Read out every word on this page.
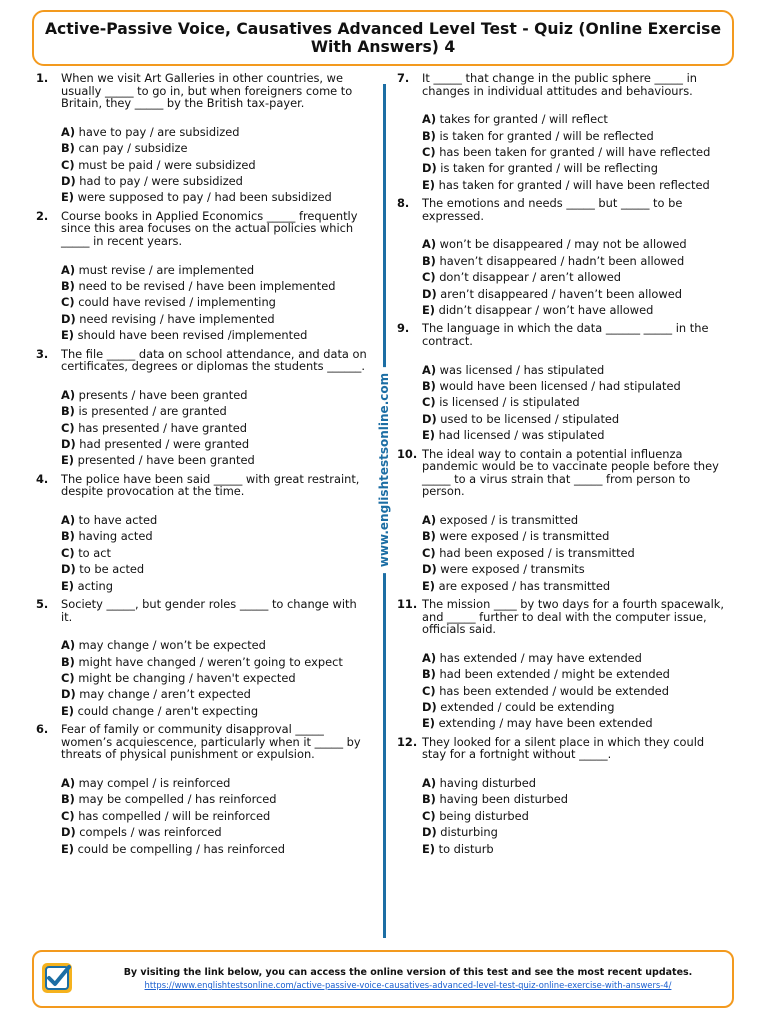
Active-Passive Voice, Causatives Advanced Level Test - Quiz (Online Exercise
With Answers) 4
1.	When we visit Art Galleries in other countries, we
usually _____ to go in, but when foreigners come to
Britain, they _____ by the British tax-payer.
A) have to pay / are subsidized
B) can pay / subsidize
C) must be paid / were subsidized
D) had to pay / were subsidized
E) were supposed to pay / had been subsidized
2.	Course books in Applied Economics _____ frequently
since this area focuses on the actual policies which
_____ in recent years.
A) must revise / are implemented
B) need to be revised / have been implemented
C) could have revised / implementing
D) need revising / have implemented
E) should have been revised /implemented
3.	The file _____ data on school attendance, and data on
certificates, degrees or diplomas the students ______.
A) presents / have been granted
B) is presented / are granted
C) has presented / have granted
D) had presented / were granted
E) presented / have been granted
4.	The police have been said _____ with great restraint,
despite provocation at the time.
A) to have acted
B) having acted
C) to act
D) to be acted
E) acting
5.	Society _____, but gender roles _____ to change with
it.
A) may change / won’t be expected
B) might have changed / weren’t going to expect
C) might be changing / haven't expected
D) may change / aren’t expected
E) could change / aren't expecting
6.	Fear of family or community disapproval _____
women’s acquiescence, particularly when it _____ by
threats of physical punishment or expulsion.
A) may compel / is reinforced
B) may be compelled / has reinforced
C) has compelled / will be reinforced
D) compels / was reinforced
E) could be compelling / has reinforced
7.	It _____ that change in the public sphere _____ in
changes in individual attitudes and behaviours.
A) takes for granted / will reflect
B) is taken for granted / will be reflected
C) has been taken for granted / will have reflected
D) is taken for granted / will be reflecting
E) has taken for granted / will have been reflected
8.	The emotions and needs _____ but _____ to be
expressed.
A) won’t be disappeared / may not be allowed
B) haven’t disappeared / hadn’t been allowed
C) don’t disappear / aren’t allowed
D) aren’t disappeared / haven’t been allowed
E) didn’t disappear / won’t have allowed
9.	The language in which the data ______ _____ in the
contract.
A) was licensed / has stipulated
B) would have been licensed / had stipulated
C) is licensed / is stipulated
D) used to be licensed / stipulated
E) had licensed / was stipulated
10. The ideal way to contain a potential influenza
pandemic would be to vaccinate people before they
_____ to a virus strain that _____ from person to
person.
A) exposed / is transmitted
B) were exposed / is transmitted
C) had been exposed / is transmitted
D) were exposed / transmits
E) are exposed / has transmitted
11. The mission ____ by two days for a fourth spacewalk,
and _____ further to deal with the computer issue,
officials said.
A) has extended / may have extended
B) had been extended / might be extended
C) has been extended / would be extended
D) extended / could be extending
E) extending / may have been extended
12. They looked for a silent place in which they could
stay for a fortnight without _____.
A) having disturbed
B) having been disturbed
C) being disturbed
D) disturbing
E) to disturb
www.englishtestsonline.com
By visiting the link below, you can access the online version of this test and see the most recent updates.
https://www.englishtestsonline.com/active-passive-voice-causatives-advanced-level-test-quiz-online-exercise-with-answers-4/
